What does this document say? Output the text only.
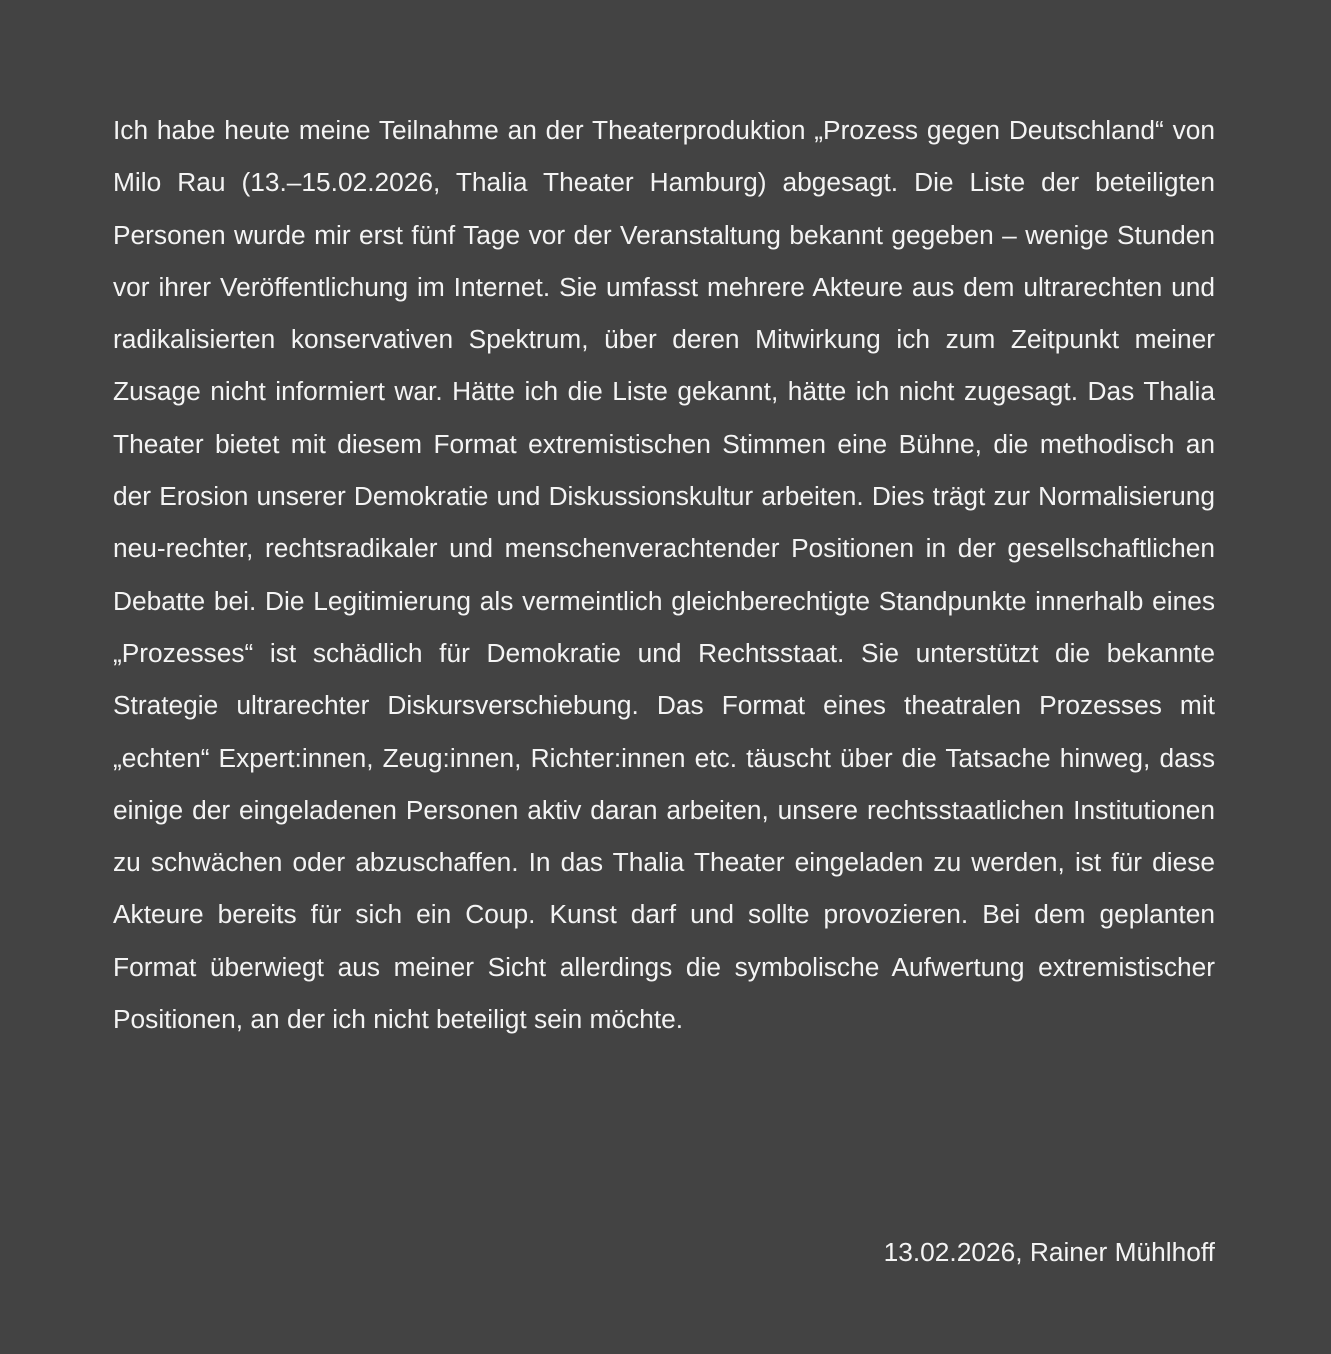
Ich habe heute meine Teilnahme an der Theaterproduktion „Prozess gegen Deutschland“ von Milo Rau (13.–15.02.2026, Thalia Theater Hamburg) abgesagt. Die Liste der beteiligten Personen wurde mir erst fünf Tage vor der Veranstaltung bekannt gegeben – wenige Stunden vor ihrer Veröffentlichung im Internet. Sie umfasst mehrere Akteure aus dem ultrarechten und radikalisierten konservativen Spektrum, über deren Mitwirkung ich zum Zeitpunkt meiner Zusage nicht informiert war. Hätte ich die Liste gekannt, hätte ich nicht zugesagt. Das Thalia Theater bietet mit diesem Format extremistischen Stimmen eine Bühne, die methodisch an der Erosion unserer Demokratie und Diskussionskultur arbeiten. Dies trägt zur Normalisierung neu-rechter, rechtsradikaler und menschenverachtender Positionen in der gesellschaftlichen Debatte bei. Die Legitimierung als vermeintlich gleichberechtigte Standpunkte innerhalb eines „Prozesses“ ist schädlich für Demokratie und Rechtsstaat. Sie unterstützt die bekannte Strategie ultrarechter Diskursverschiebung. Das Format eines theatralen Prozesses mit „echten“ Expert:innen, Zeug:innen, Richter:innen etc. täuscht über die Tatsache hinweg, dass einige der eingeladenen Personen aktiv daran arbeiten, unsere rechtsstaatlichen Institutionen zu schwächen oder abzuschaffen. In das Thalia Theater eingeladen zu werden, ist für diese Akteure bereits für sich ein Coup. Kunst darf und sollte provozieren. Bei dem geplanten Format überwiegt aus meiner Sicht allerdings die symbolische Aufwertung extremistischer Positionen, an der ich nicht beteiligt sein möchte.

13.02.2026, Rainer Mühlhoff
